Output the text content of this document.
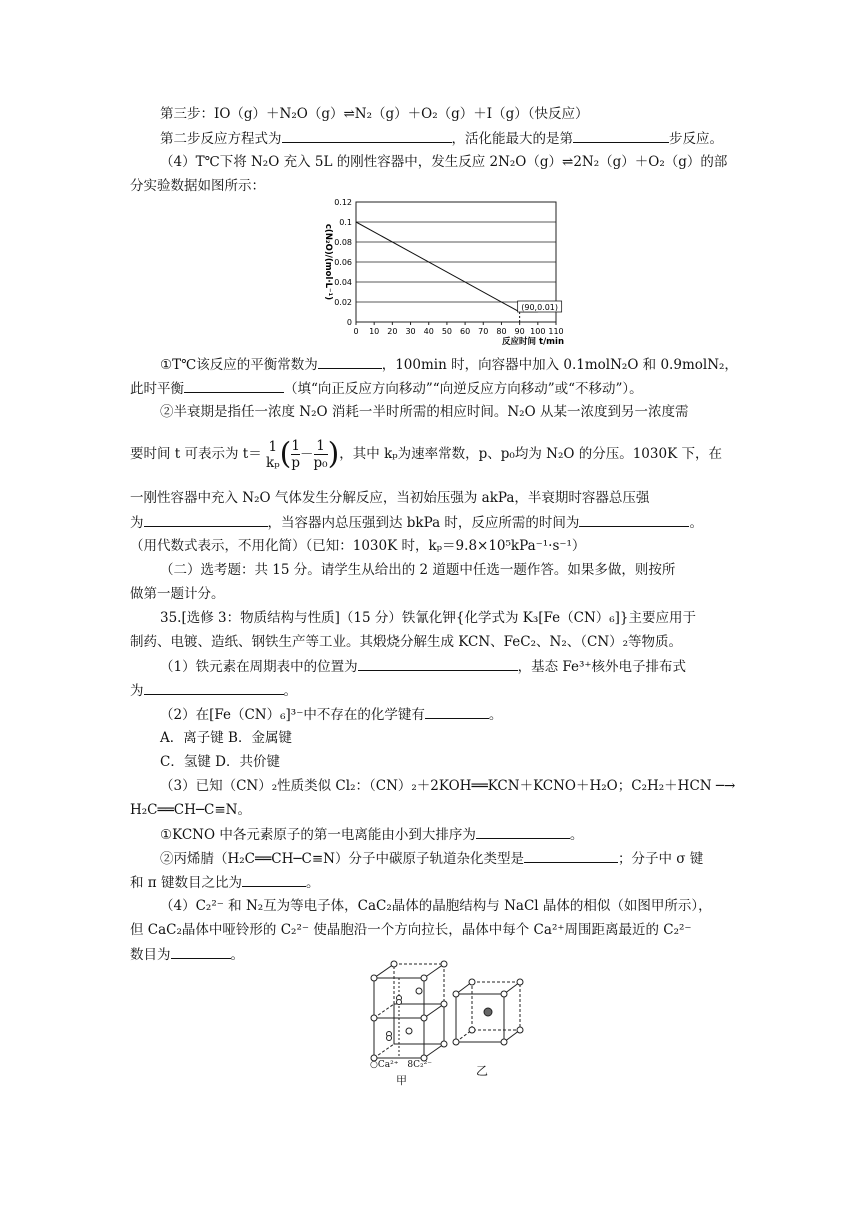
第三步：IO（g）＋N₂O（g）⇌N₂（g）＋O₂（g）＋I（g）（快反应）
第二步反应方程式为	，活化能最大的是第	步反应。
（4）T℃下将 N₂O 充入 5L 的刚性容器中，发生反应 2N₂O（g）⇌2N₂（g）＋O₂（g）的部
分实验数据如图所示：
0
0.02
0.04
0.06
0.08
0.1
0.12
0 10 20 30 40 50 60 70 80 90 100 110
(90,0.01)
反应时间 t/min
c(N₂O)/(mol·L⁻¹)
①T℃该反应的平衡常数为	，100min 时，向容器中加入 0.1molN₂O 和 0.9molN₂，
此时平衡	（填“向正反应方向移动”“向逆反应方向移动”或“不移动”）。
②半衰期是指任一浓度 N₂O 消耗一半时所需的相应时间。N₂O 从某一浓度到另一浓度需
要时间 t 可表示为 t＝ 1
kₚ ( $\frac{1}{p} - \frac{1}{\text{p₀}}$ )，其中 kₚ为速率常数，p、p₀均为 N₂O 的分压。1030K 下，在
一刚性容器中充入 N₂O 气体发生分解反应，当初始压强为 akPa，半衰期时容器总压强
为	，当容器内总压强到达 bkPa 时，反应所需的时间为	。
（用代数式表示，不用化简）（已知：1030K 时，kₚ＝9.8×10⁵kPa⁻¹·s⁻¹）
（二）选考题：共 15 分。请学生从给出的 2 道题中任选一题作答。如果多做，则按所
做第一题计分。
35.[选修 3：物质结构与性质]（15 分）铁氰化钾{化学式为 K₃[Fe（CN）₆]}主要应用于
制药、电镀、造纸、钢铁生产等工业。其煅烧分解生成 KCN、FeC₂、N₂、（CN）₂等物质。
（1）铁元素在周期表中的位置为	，基态 Fe³⁺核外电子排布式
为	。
（2）在[Fe（CN）₆]³⁻中不存在的化学键有	。
A．离子键 B．金属键
C．氢键 D．共价键
（3）已知（CN）₂性质类似 Cl₂：（CN）₂＋2KOH══KCN＋KCNO＋H₂O；C₂H₂＋HCN ─→
H₂C══CH─C≡N。
①KCNO 中各元素原子的第一电离能由小到大排序为	。
②丙烯腈（H₂C══CH─C≡N）分子中碳原子轨道杂化类型是	；分子中 σ 键
和 π 键数目之比为	。
（4）C₂²⁻ 和 N₂互为等电子体，CaC₂晶体的晶胞结构与 NaCl 晶体的相似（如图甲所示），
但 CaC₂晶体中哑铃形的 C₂²⁻ 使晶胞沿一个方向拉长，晶体中每个 Ca²⁺周围距离最近的 C₂²⁻
数目为	。
○Ca²⁺ 8C₂²⁻
甲
乙
